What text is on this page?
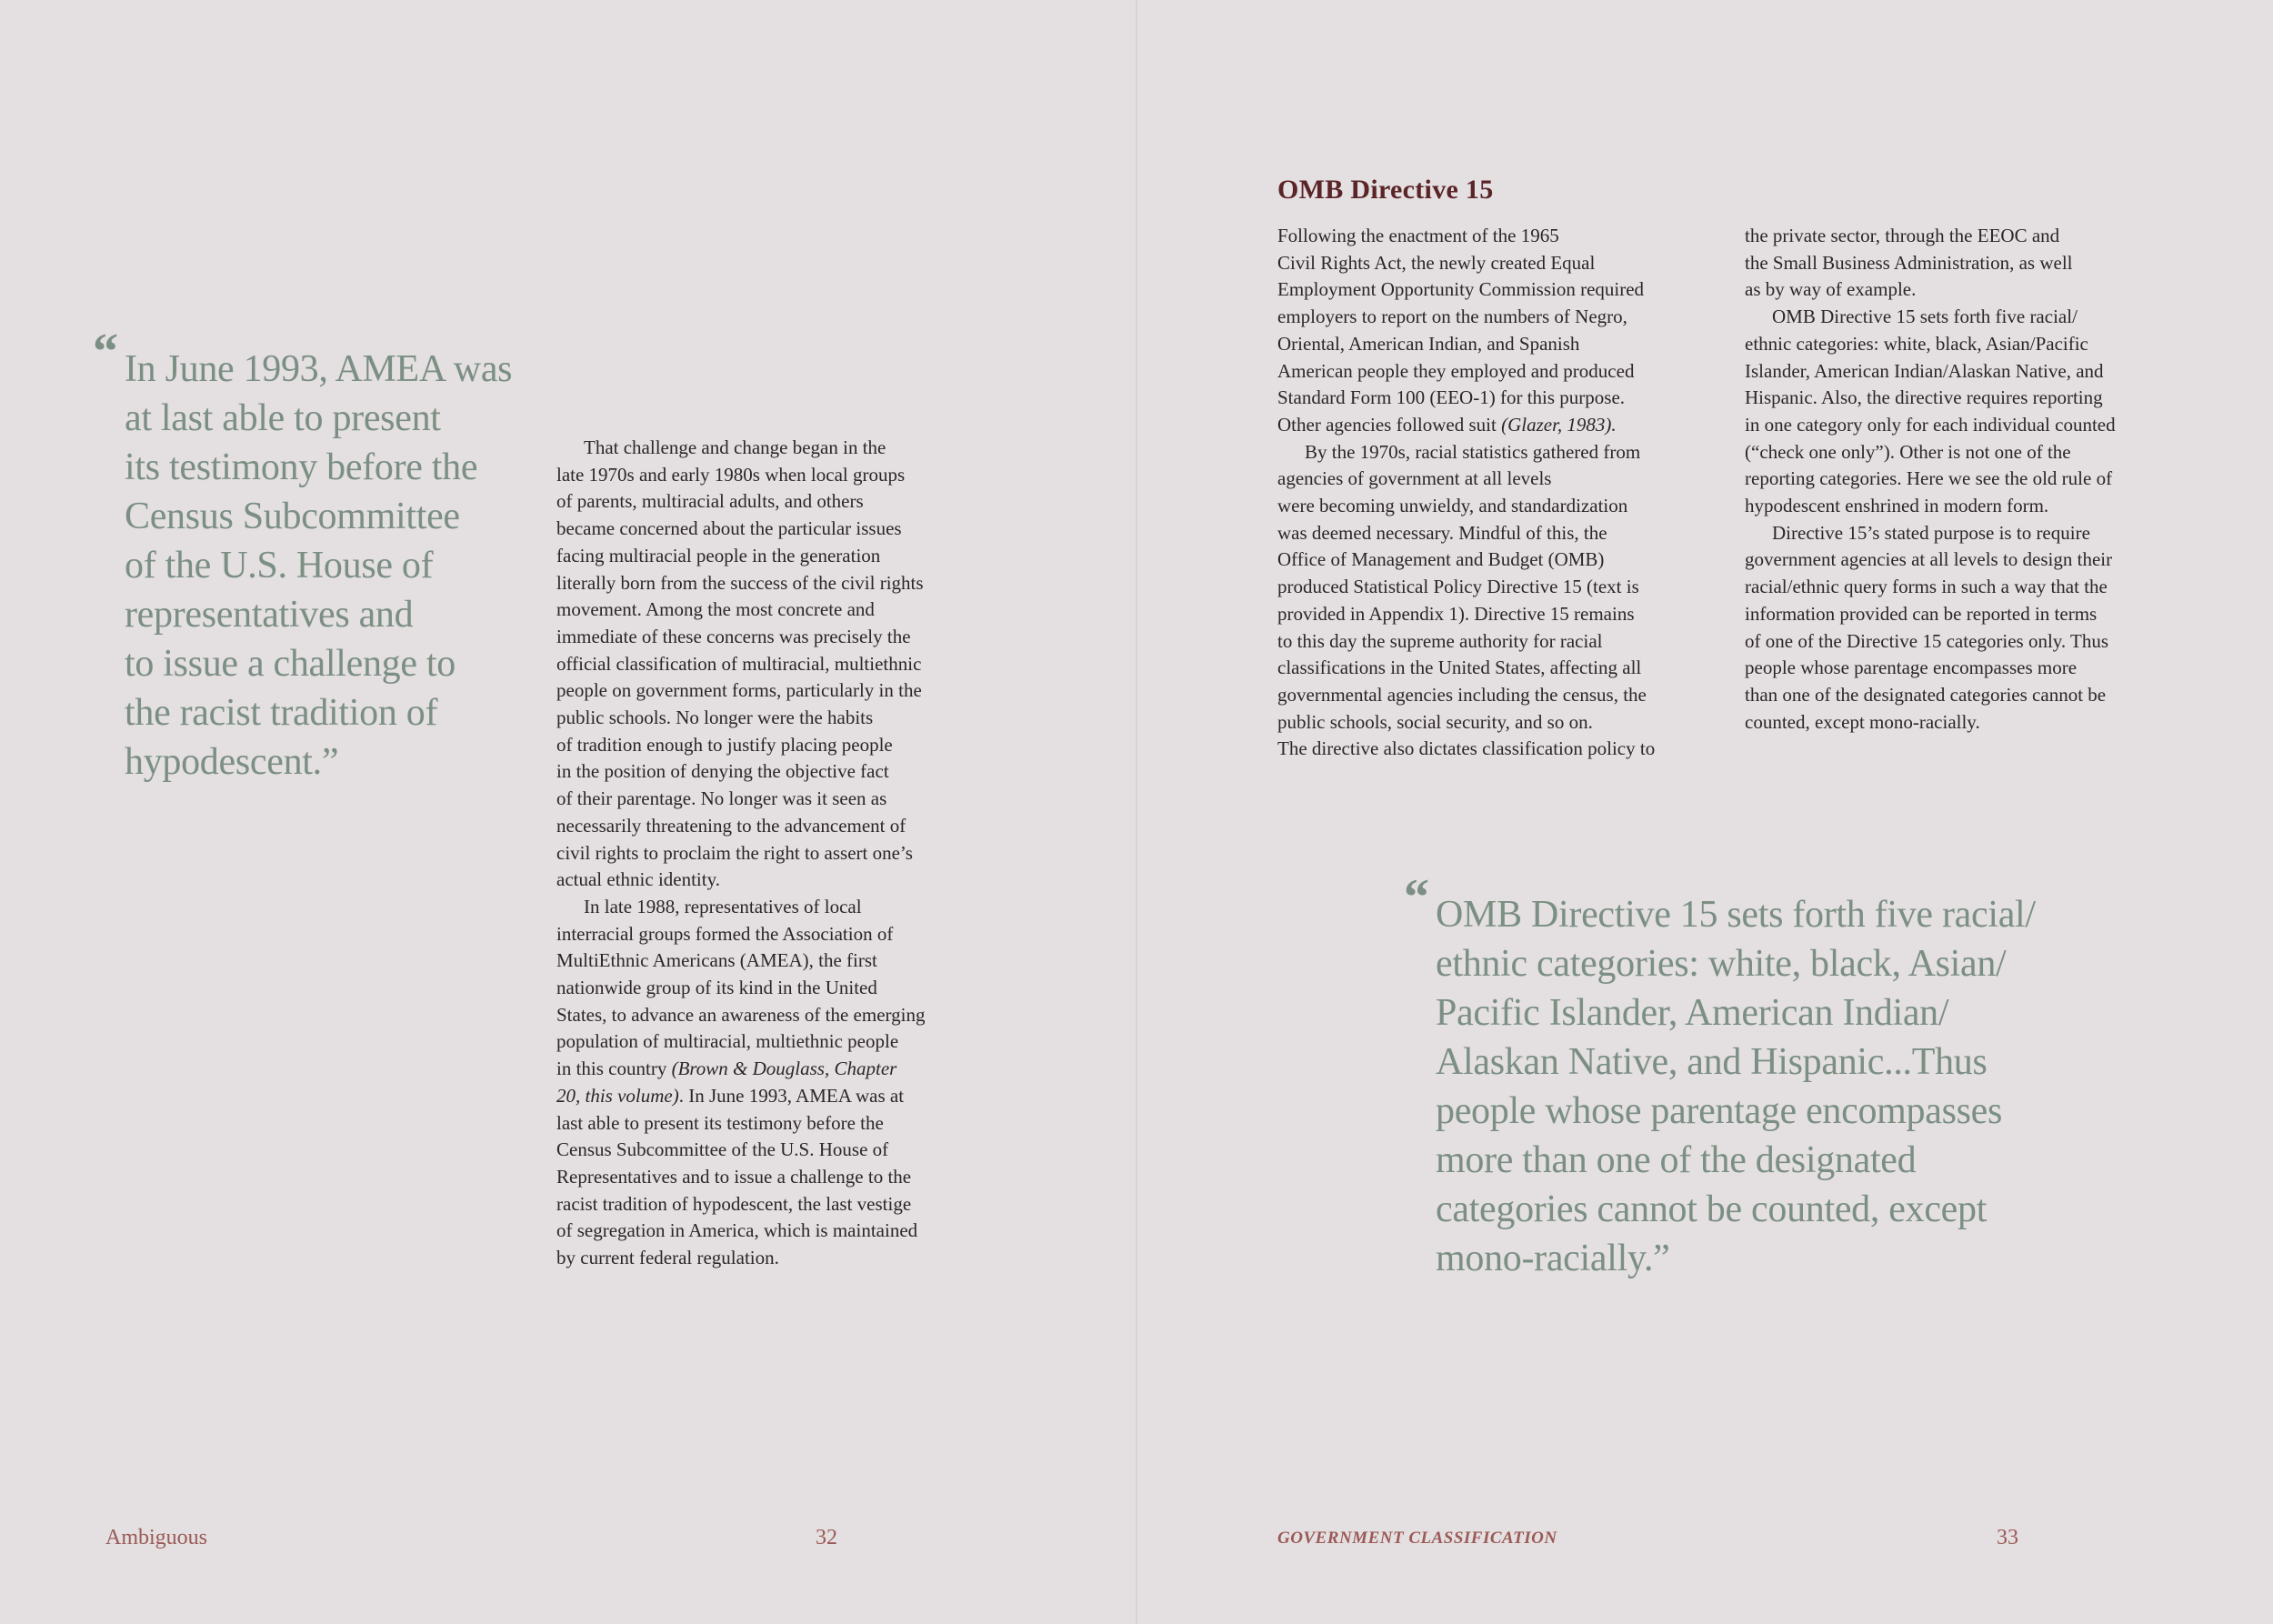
“ In June 1993, AMEA was
at last able to present
its testimony before the
Census Subcommittee
of the U.S. House of
representatives and
to issue a challenge to
the racist tradition of
hypodescent.”
That challenge and change began in the
late 1970s and early 1980s when local groups
of parents, multiracial adults, and others
became concerned about the particular issues
facing multiracial people in the generation
literally born from the success of the civil rights
movement. Among the most concrete and
immediate of these concerns was precisely the
official classification of multiracial, multiethnic
people on government forms, particularly in the
public schools. No longer were the habits
of tradition enough to justify placing people
in the position of denying the objective fact
of their parentage. No longer was it seen as
necessarily threatening to the advancement of
civil rights to proclaim the right to assert one’s
actual ethnic identity.
In late 1988, representatives of local
interracial groups formed the Association of
MultiEthnic Americans (AMEA), the first
nationwide group of its kind in the United
States, to advance an awareness of the emerging
population of multiracial, multiethnic people
in this country (Brown & Douglass, Chapter
20, this volume). In June 1993, AMEA was at
last able to present its testimony before the
Census Subcommittee of the U.S. House of
Representatives and to issue a challenge to the
racist tradition of hypodescent, the last vestige
of segregation in America, which is maintained
by current federal regulation.
Ambiguous	32
OMB Directive 15
Following the enactment of the 1965
Civil Rights Act, the newly created Equal
Employment Opportunity Commission required
employers to report on the numbers of Negro,
Oriental, American Indian, and Spanish
American people they employed and produced
Standard Form 100 (EEO-1) for this purpose.
Other agencies followed suit (Glazer, 1983).
By the 1970s, racial statistics gathered from
agencies of government at all levels
were becoming unwieldy, and standardization
was deemed necessary. Mindful of this, the
Office of Management and Budget (OMB)
produced Statistical Policy Directive 15 (text is
provided in Appendix 1). Directive 15 remains
to this day the supreme authority for racial
classifications in the United States, affecting all
governmental agencies including the census, the
public schools, social security, and so on.
The directive also dictates classification policy to
the private sector, through the EEOC and
the Small Business Administration, as well
as by way of example.
OMB Directive 15 sets forth five racial/
ethnic categories: white, black, Asian/Pacific
Islander, American Indian/Alaskan Native, and
Hispanic. Also, the directive requires reporting
in one category only for each individual counted
(“check one only”). Other is not one of the
reporting categories. Here we see the old rule of
hypodescent enshrined in modern form.
Directive 15’s stated purpose is to require
government agencies at all levels to design their
racial/ethnic query forms in such a way that the
information provided can be reported in terms
of one of the Directive 15 categories only. Thus
people whose parentage encompasses more
than one of the designated categories cannot be
counted, except mono-racially.
“ OMB Directive 15 sets forth five racial/
ethnic categories: white, black, Asian/
Pacific Islander, American Indian/
Alaskan Native, and Hispanic...Thus
people whose parentage encompasses
more than one of the designated
categories cannot be counted, except
mono-racially.”
GOVERNMENT CLASSIFICATION	33
